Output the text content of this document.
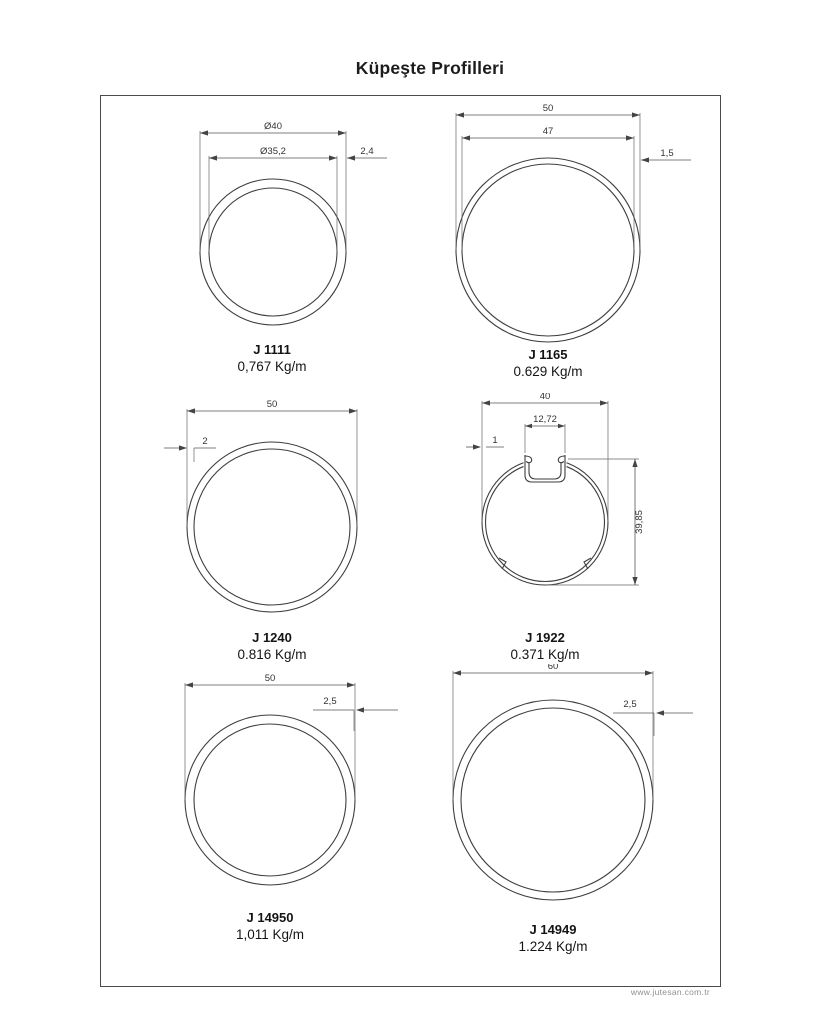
Küpeşte Profilleri
Ø40
Ø35,2	2,4
J 1111
0,767 Kg/m
50
47
1,5
J 1165
0.629 Kg/m
50
2
J 1240
0.816 Kg/m
40
12,72
1
39,85
J 1922
0.371 Kg/m
50
2,5
J 14950
1,011 Kg/m
60
2,5
J 14949
1.224 Kg/m
www.jutesan.com.tr
